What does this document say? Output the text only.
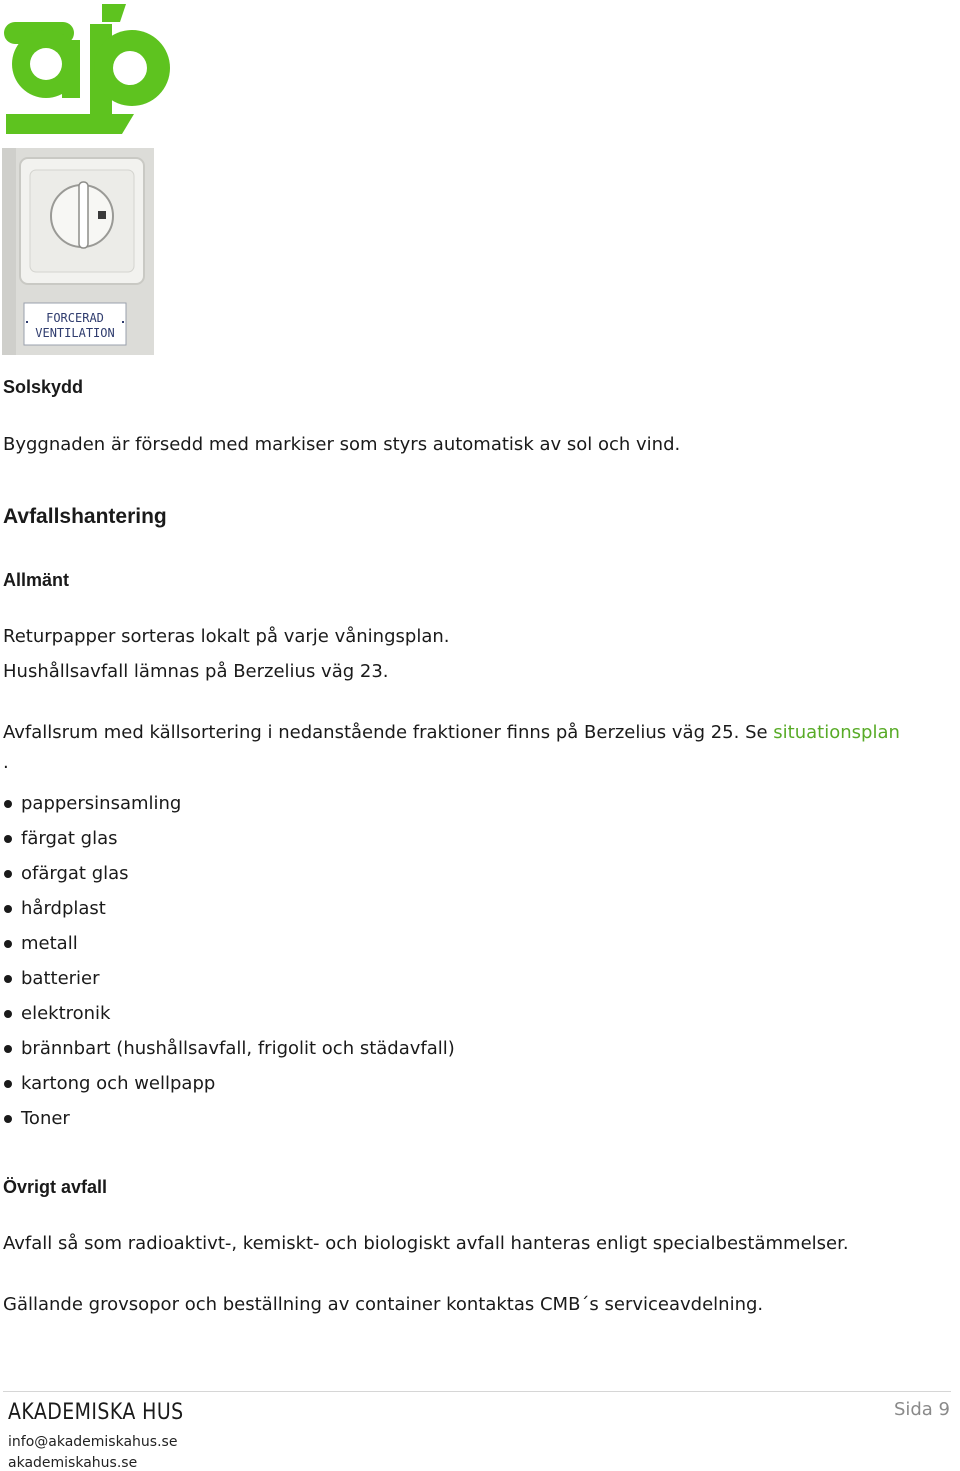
FORCERAD
VENTILATION
Solskydd

Byggnaden är försedd med markiser som styrs automatisk av sol och vind.

Avfallshantering
Allmänt

Returpapper sorteras lokalt på varje våningsplan.

Hushållsavfall lämnas på Berzelius väg 23.

Avfallsrum med källsortering i nedanstående fraktioner finns på Berzelius väg 25. Se situationsplan

.

pappersinsamling
färgat glas
ofärgat glas
hårdplast
metall
batterier
elektronik
brännbart (hushållsavfall, frigolit och städavfall)
kartong och wellpapp
Toner
Övrigt avfall

Avfall så som radioaktivt-, kemiskt- och biologiskt avfall hanteras enligt specialbestämmelser.

Gällande grovsopor och beställning av container kontaktas CMB´s serviceavdelning.

AKADEMISKA HUS
info@akademiskahus.se
akademiskahus.se
Sida 9
